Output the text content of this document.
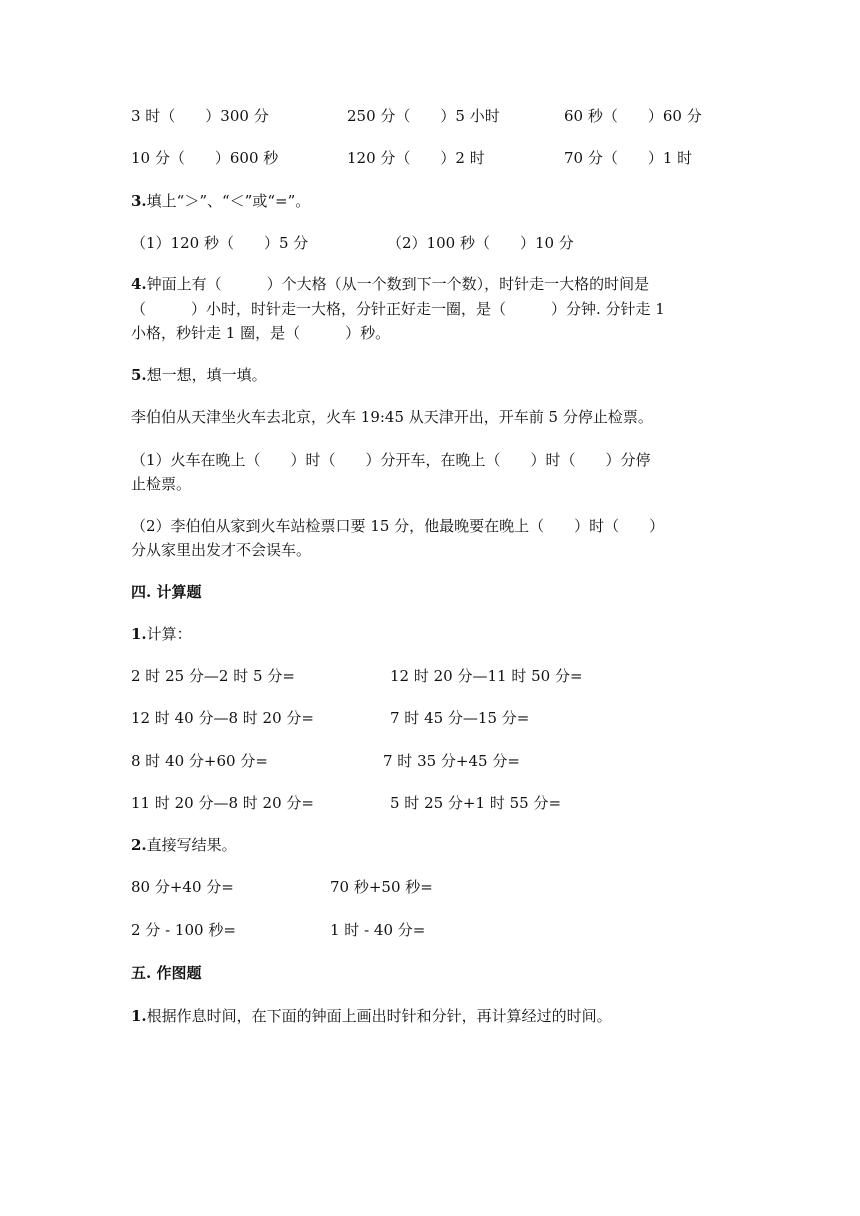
3 时（　　）300 分	250 分（　　）5 小时	60 秒（　　）60 分
10 分（　　）600 秒	120 分（　　）2 时	70 分（　　）1 时
3.填上“＞”、“＜”或“=”。
（1）120 秒（　　）5 分	（2）100 秒（　　）10 分
4.钟面上有（　　　）个大格（从一个数到下一个数），时针走一大格的时间是
（　　　）小时，时针走一大格，分针正好走一圈，是（　　　）分钟. 分针走 1
小格，秒针走 1 圈，是（　　　）秒。
5.想一想，填一填。
李伯伯从天津坐火车去北京，火车 19:45 从天津开出，开车前 5 分停止检票。
（1）火车在晚上（　　）时（　　）分开车，在晚上（　　）时（　　）分停
止检票。
（2）李伯伯从家到火车站检票口要 15 分，他最晚要在晚上（　　）时（　　）
分从家里出发才不会误车。
四. 计算题
1.计算：
2 时 25 分—2 时 5 分=	12 时 20 分—11 时 50 分=
12 时 40 分—8 时 20 分=	7 时 45 分—15 分=
8 时 40 分+60 分=	7 时 35 分+45 分=
11 时 20 分—8 时 20 分=	5 时 25 分+1 时 55 分=
2.直接写结果。
80 分+40 分=	70 秒+50 秒=
2 分 - 100 秒=	1 时 - 40 分=
五. 作图题
1.根据作息时间，在下面的钟面上画出时针和分针，再计算经过的时间。
